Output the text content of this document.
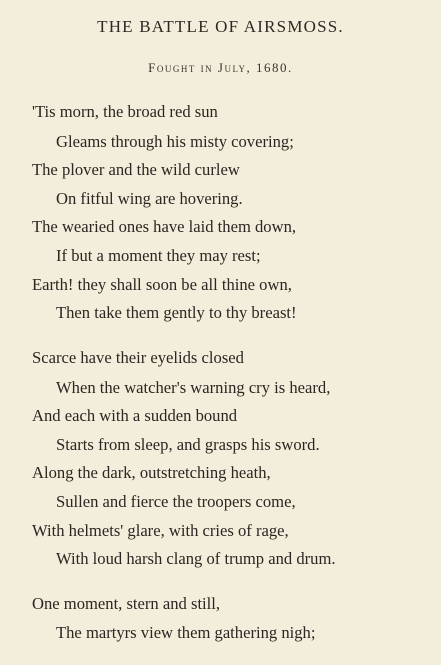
THE BATTLE OF AIRSMOSS.
Fought in July, 1680.
'Tis morn, the broad red sun
Gleams through his misty covering;
The plover and the wild curlew
On fitful wing are hovering.
The wearied ones have laid them down,
If but a moment they may rest;
Earth! they shall soon be all thine own,
Then take them gently to thy breast!
Scarce have their eyelids closed
When the watcher's warning cry is heard,
And each with a sudden bound
Starts from sleep, and grasps his sword.
Along the dark, outstretching heath,
Sullen and fierce the troopers come,
With helmets' glare, with cries of rage,
With loud harsh clang of trump and drum.
One moment, stern and still,
The martyrs view them gathering nigh;
